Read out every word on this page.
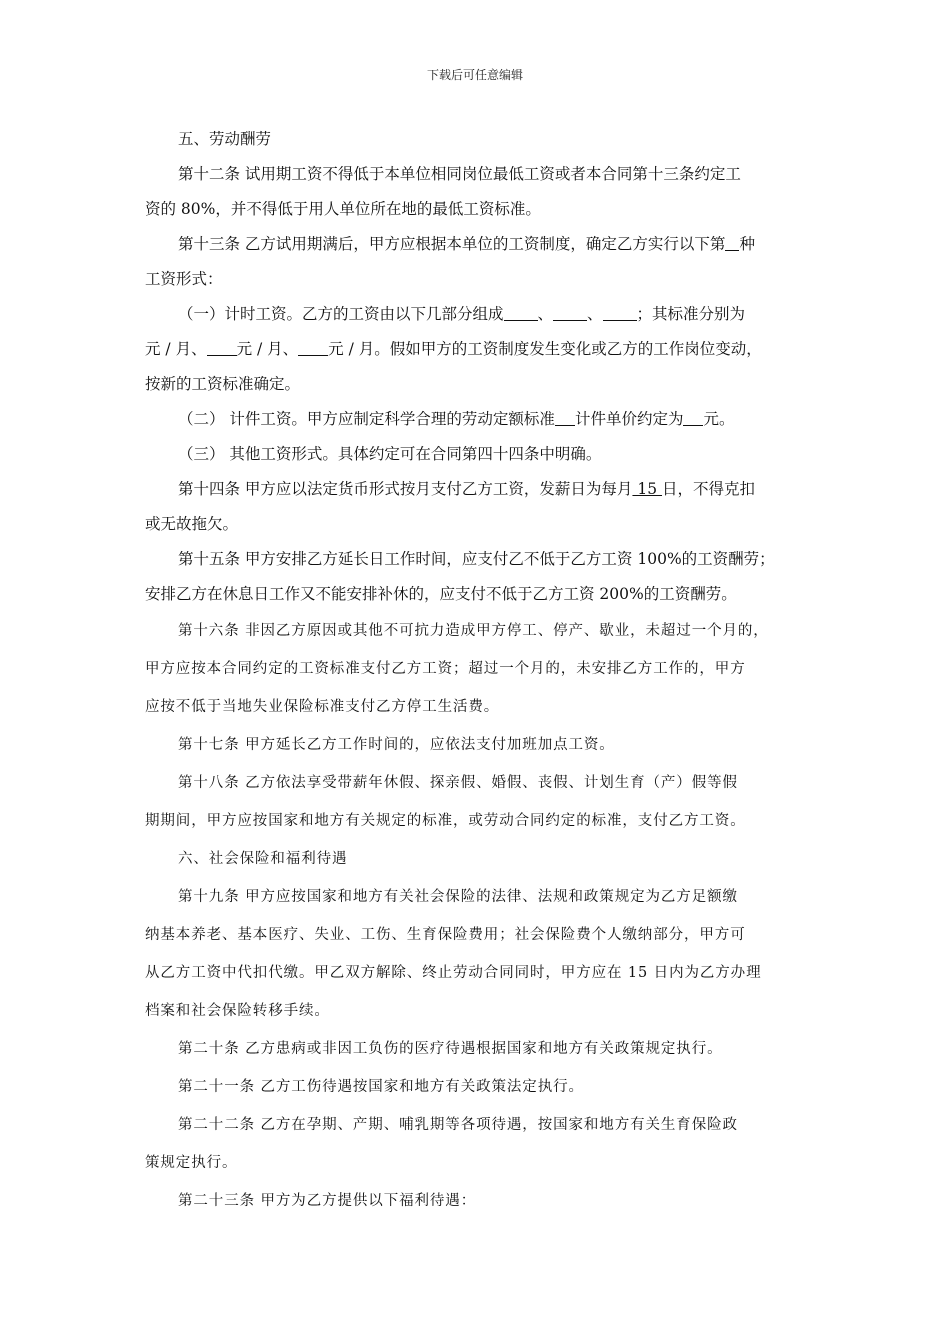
下载后可任意编辑
五、劳动酬劳
第十二条 试用期工资不得低于本单位相同岗位最低工资或者本合同第十三条约定工
资的 80%，并不得低于用人单位所在地的最低工资标准。
第十三条 乙方试用期满后，甲方应根据本单位的工资制度，确定乙方实行以下第 种
工资形式：
（一）计时工资。乙方的工资由以下几部分组成 、 、 ；其标准分别为
元 / 月、 元 / 月、 元 / 月。假如甲方的工资制度发生变化或乙方的工作岗位变动，
按新的工资标准确定。
（二） 计件工资。甲方应制定科学合理的劳动定额标准 计件单价约定为 元。
（三） 其他工资形式。具体约定可在合同第四十四条中明确。
第十四条 甲方应以法定货币形式按月支付乙方工资，发薪日为每月 15 日，不得克扣
或无故拖欠。
第十五条 甲方安排乙方延长日工作时间，应支付乙不低于乙方工资 100%的工资酬劳；
安排乙方在休息日工作又不能安排补休的，应支付不低于乙方工资 200%的工资酬劳。
第十六条 非因乙方原因或其他不可抗力造成甲方停工、停产、歇业，未超过一个月的，
甲方应按本合同约定的工资标准支付乙方工资；超过一个月的，未安排乙方工作的，甲方
应按不低于当地失业保险标准支付乙方停工生活费。
第十七条 甲方延长乙方工作时间的，应依法支付加班加点工资。
第十八条 乙方依法享受带薪年休假、探亲假、婚假、丧假、计划生育（产）假等假
期期间，甲方应按国家和地方有关规定的标准，或劳动合同约定的标准，支付乙方工资。
六、社会保险和福利待遇
第十九条 甲方应按国家和地方有关社会保险的法律、法规和政策规定为乙方足额缴
纳基本养老、基本医疗、失业、工伤、生育保险费用；社会保险费个人缴纳部分，甲方可
从乙方工资中代扣代缴。甲乙双方解除、终止劳动合同同时，甲方应在 15 日内为乙方办理
档案和社会保险转移手续。
第二十条 乙方患病或非因工负伤的医疗待遇根据国家和地方有关政策规定执行。
第二十一条 乙方工伤待遇按国家和地方有关政策法定执行。
第二十二条 乙方在孕期、产期、哺乳期等各项待遇，按国家和地方有关生育保险政
策规定执行。
第二十三条 甲方为乙方提供以下福利待遇：
